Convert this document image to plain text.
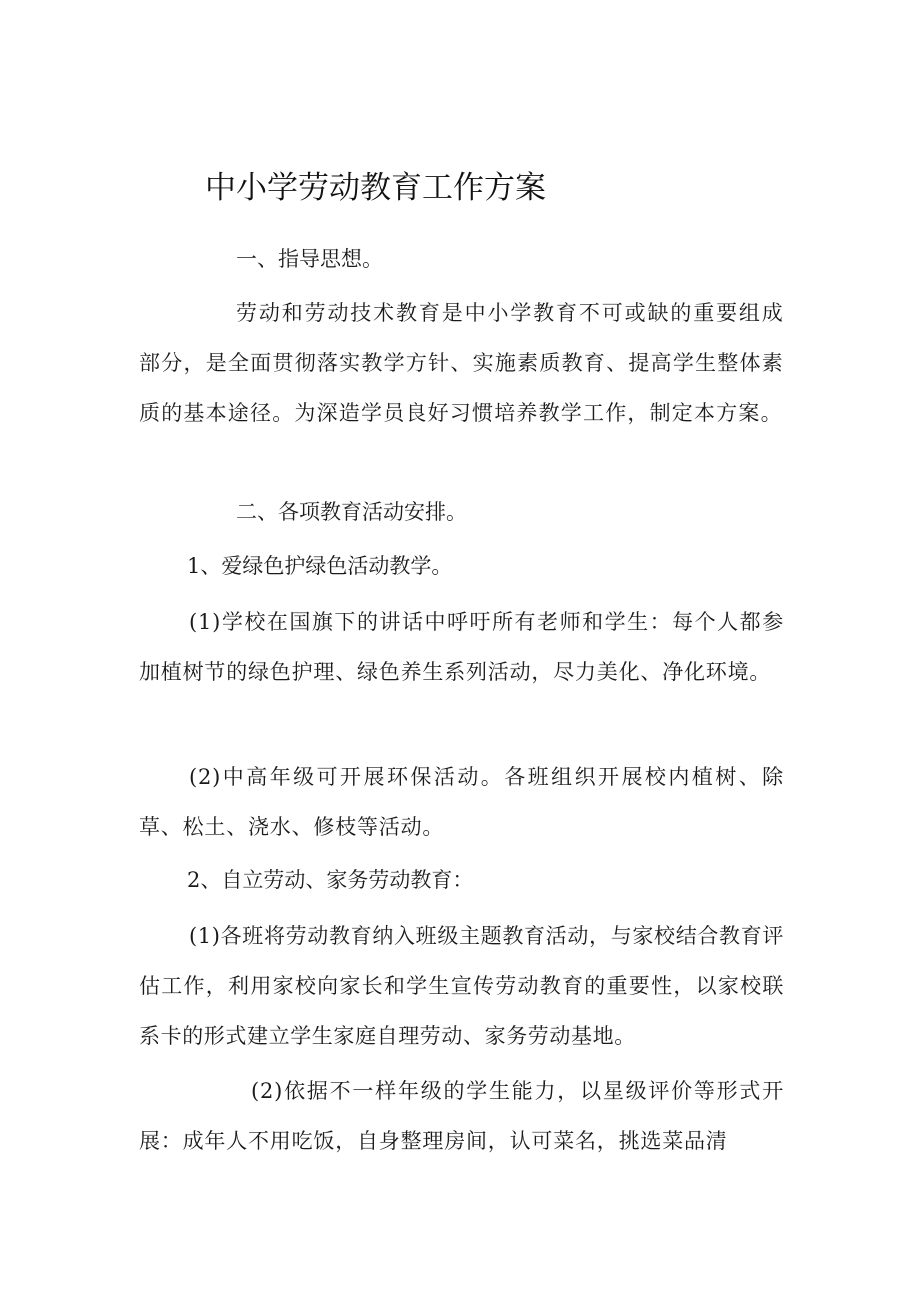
中小学劳动教育工作方案

一、指导思想。

劳动和劳动技术教育是中小学教育不可或缺的重要组成部分，是全面贯彻落实教学方针、实施素质教育、提高学生整体素质的基本途径。为深造学员良好习惯培养教学工作，制定本方案。

二、各项教育活动安排。

1、爱绿色护绿色活动教学。

(1)学校在国旗下的讲话中呼吁所有老师和学生：每个人都参加植树节的绿色护理、绿色养生系列活动，尽力美化、净化环境。

(2)中高年级可开展环保活动。各班组织开展校内植树、除草、松土、浇水、修枝等活动。

2、自立劳动、家务劳动教育：

(1)各班将劳动教育纳入班级主题教育活动，与家校结合教育评估工作，利用家校向家长和学生宣传劳动教育的重要性，以家校联系卡的形式建立学生家庭自理劳动、家务劳动基地。

(2)依据不一样年级的学生能力，以星级评价等形式开展：成年人不用吃饭，自身整理房间，认可菜名，挑选菜品清
